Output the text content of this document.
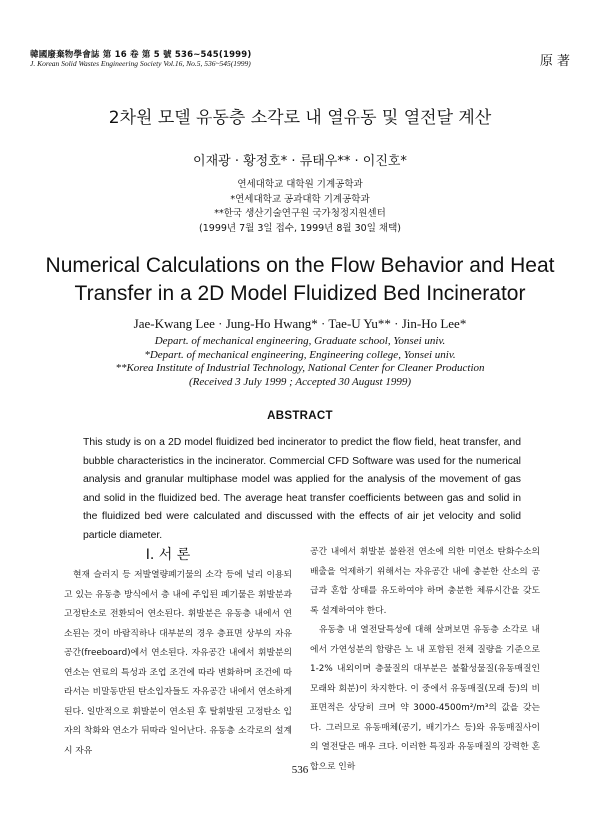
韓國廢棄物學會誌 第 16 卷 第 5 號 536~545(1999)
J. Korean Solid Wastes Engineering Society Vol.16, No.5, 536~545(1999)	原 著
2차원 모델 유동층 소각로 내 열유동 및 열전달 계산
이재광 · 황정호* · 류태우** · 이진호*
연세대학교 대학원 기계공학과
*연세대학교 공과대학 기계공학과
**한국 생산기술연구원 국가청정지원센터
(1999년 7월 3일 접수, 1999년 8월 30일 채택)
Numerical Calculations on the Flow Behavior and Heat
Transfer in a 2D Model Fluidized Bed Incinerator
Jae-Kwang Lee · Jung-Ho Hwang* · Tae-U Yu** · Jin-Ho Lee*
Depart. of mechanical engineering, Graduate school, Yonsei univ.
*Depart. of mechanical engineering, Engineering college, Yonsei univ.
**Korea Institute of Industrial Technology, National Center for Cleaner Production
(Received 3 July 1999 ; Accepted 30 August 1999)
ABSTRACT
This study is on a 2D model fluidized bed incinerator to predict the flow field, heat transfer, and bubble characteristics in the incinerator. Commercial CFD Software was used for the numerical analysis and granular multiphase model was applied for the analysis of the movement of gas and solid in the fluidized bed. The average heat transfer coefficients between gas and solid in the fluidized bed were calculated and discussed with the effects of air jet velocity and solid particle diameter.
Ⅰ. 서 론

현재 슬러지 등 저발열량폐기물의 소각 등에 널리 이용되고 있는 유동층 방식에서 층 내에 주입된 폐기물은 휘발분과 고정탄소로 전환되어 연소된다. 휘발분은 유동층 내에서 연소된는 것이 바람직하나 대부분의 경우 층표면 상부의 자유공간(freeboard)에서 연소된다. 자유공간 내에서 휘발분의 연소는 연료의 특성과 조업 조건에 따라 변화하며 조건에 따라서는 비말동반된 탄소입자들도 자유공간 내에서 연소하게 된다. 일반적으로 휘발분이 연소된 후 탈휘발된 고정탄소 입자의 착화와 연소가 뒤따라 일어난다. 유동층 소각로의 설계시 자유

공간 내에서 휘발분 불완전 연소에 의한 미연소 탄화수소의 배출을 억제하기 위해서는 자유공간 내에 충분한 산소의 공급과 혼합 상태를 유도하여야 하며 충분한 체류시간을 갖도록 설계하여야 한다.

유동층 내 열전달특성에 대해 살펴보면 유동층 소각로 내에서 가연성분의 함량은 노 내 포함된 전체 질량을 기준으로 1-2% 내외이며 층물질의 대부분은 불활성물질(유동매질인 모래와 회분)이 차지한다. 이 중에서 유동매질(모래 등)의 비표면적은 상당히 크며 약 3000-4500m²/m³의 값을 갖는다. 그러므로 유동매체(공기, 배기가스 등)와 유동매질사이의 열전달은 매우 크다. 이러한 특징과 유동매질의 강력한 혼합으로 인하

536
